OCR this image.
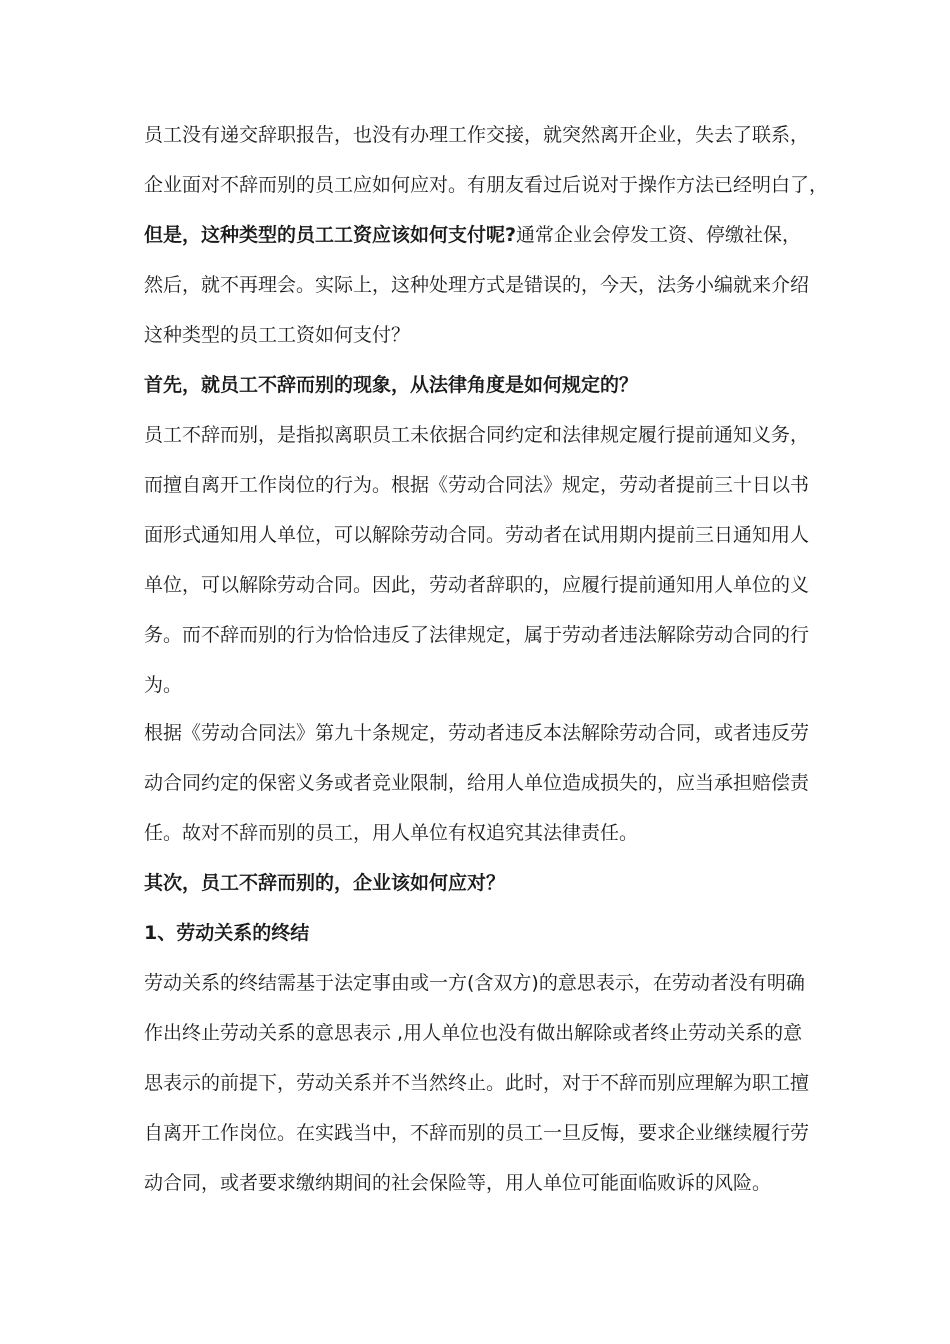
员工没有递交辞职报告，也没有办理工作交接，就突然离开企业，失去了联系，
企业面对不辞而别的员工应如何应对。有朋友看过后说对于操作方法已经明白了，
但是，这种类型的员工工资应该如何支付呢?通常企业会停发工资、停缴社保，
然后，就不再理会。实际上，这种处理方式是错误的，今天，法务小编就来介绍
这种类型的员工工资如何支付？
首先，就员工不辞而别的现象，从法律角度是如何规定的？
员工不辞而别，是指拟离职员工未依据合同约定和法律规定履行提前通知义务，
而擅自离开工作岗位的行为。根据《劳动合同法》规定，劳动者提前三十日以书
面形式通知用人单位，可以解除劳动合同。劳动者在试用期内提前三日通知用人
单位，可以解除劳动合同。因此，劳动者辞职的，应履行提前通知用人单位的义
务。而不辞而别的行为恰恰违反了法律规定，属于劳动者违法解除劳动合同的行
为。
根据《劳动合同法》第九十条规定，劳动者违反本法解除劳动合同，或者违反劳
动合同约定的保密义务或者竞业限制，给用人单位造成损失的，应当承担赔偿责
任。故对不辞而别的员工，用人单位有权追究其法律责任。
其次，员工不辞而别的，企业该如何应对？
1、劳动关系的终结
劳动关系的终结需基于法定事由或一方(含双方)的意思表示，在劳动者没有明确
作出终止劳动关系的意思表示 ,用人单位也没有做出解除或者终止劳动关系的意
思表示的前提下，劳动关系并不当然终止。此时，对于不辞而别应理解为职工擅
自离开工作岗位。在实践当中，不辞而别的员工一旦反悔，要求企业继续履行劳
动合同，或者要求缴纳期间的社会保险等，用人单位可能面临败诉的风险。
